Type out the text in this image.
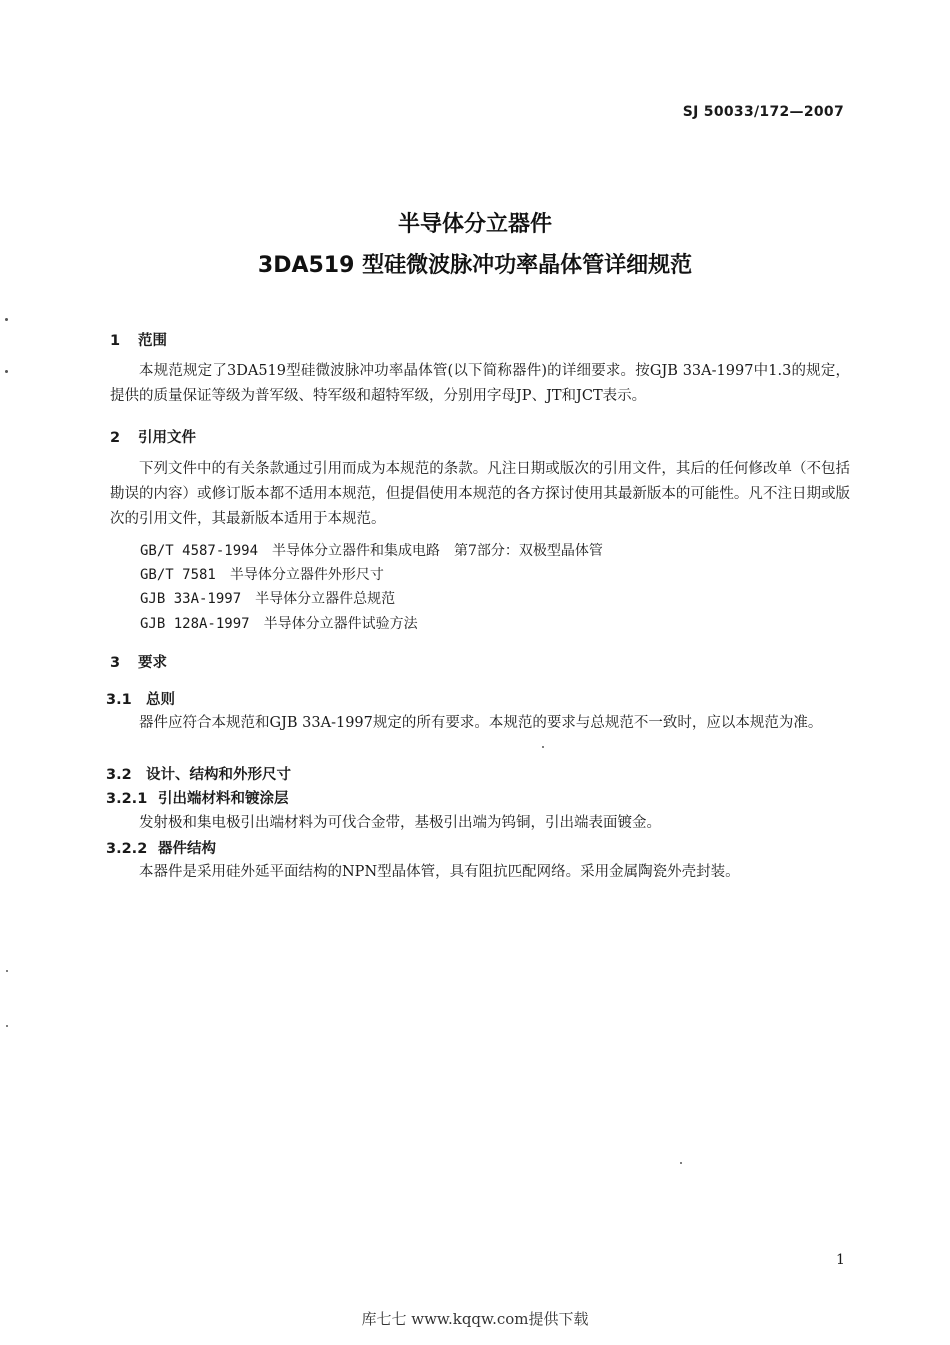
SJ 50033/172—2007
半导体分立器件
3DA519 型硅微波脉冲功率晶体管详细规范
1 范围
本规范规定了3DA519型硅微波脉冲功率晶体管(以下简称器件)的详细要求。按GJB 33A-1997中1.3的规定，提供的质量保证等级为普军级、特军级和超特军级，分别用字母JP、JT和JCT表示。
2 引用文件
下列文件中的有关条款通过引用而成为本规范的条款。凡注日期或版次的引用文件，其后的任何修改单（不包括勘误的内容）或修订版本都不适用本规范，但提倡使用本规范的各方探讨使用其最新版本的可能性。凡不注日期或版次的引用文件，其最新版本适用于本规范。
GB/T 4587-1994 半导体分立器件和集成电路　第7部分：双极型晶体管
GB/T 7581 半导体分立器件外形尺寸
GJB 33A-1997 半导体分立器件总规范
GJB 128A-1997 半导体分立器件试验方法
3 要求
3.1 总则
器件应符合本规范和GJB 33A-1997规定的所有要求。本规范的要求与总规范不一致时，应以本规范为准。
3.2 设计、结构和外形尺寸
3.2.1 引出端材料和镀涂层
发射极和集电极引出端材料为可伐合金带，基极引出端为钨铜，引出端表面镀金。
3.2.2 器件结构
本器件是采用硅外延平面结构的NPN型晶体管，具有阻抗匹配网络。采用金属陶瓷外壳封装。
1
库七七 www.kqqw.com提供下载
